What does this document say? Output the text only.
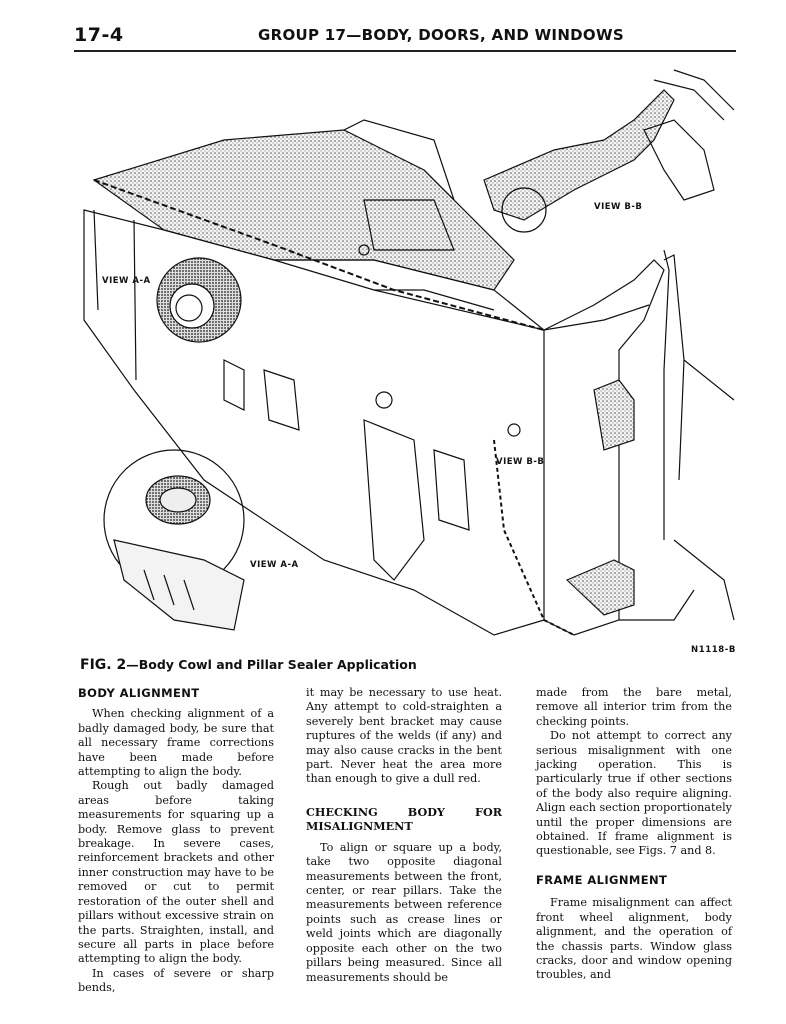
17-4	GROUP 17—BODY, DOORS, AND WINDOWS
VIEW B-B
VIEW A-A
VIEW B-B
VIEW A-A
N1118-B
FIG. 2—Body Cowl and Pillar Sealer Application
BODY ALIGNMENT

When checking alignment of a badly damaged body, be sure that all necessary frame corrections have been made before attempting to align the body.

Rough out badly damaged areas before taking measurements for squaring up a body. Remove glass to prevent breakage. In severe cases, reinforcement brackets and other inner construction may have to be removed or cut to permit restoration of the outer shell and pillars without excessive strain on the parts. Straighten, install, and secure all parts in place before attempting to align the body.

In cases of severe or sharp bends,

it may be necessary to use heat. Any attempt to cold-straighten a severely bent bracket may cause ruptures of the welds (if any) and may also cause cracks in the bent part. Never heat the area more than enough to give a dull red.

CHECKING BODY FOR MISALIGNMENT

To align or square up a body, take two opposite diagonal measurements between the front, center, or rear pillars. Take the measurements between reference points such as crease lines or weld joints which are diagonally opposite each other on the two pillars being measured. Since all measurements should be

made from the bare metal, remove all interior trim from the checking points.

Do not attempt to correct any serious misalignment with one jacking operation. This is particularly true if other sections of the body also require aligning. Align each section proportionately until the proper dimensions are obtained. If frame alignment is questionable, see Figs. 7 and 8.

FRAME ALIGNMENT

Frame misalignment can affect front wheel alignment, body alignment, and the operation of the chassis parts. Window glass cracks, door and window opening troubles, and
